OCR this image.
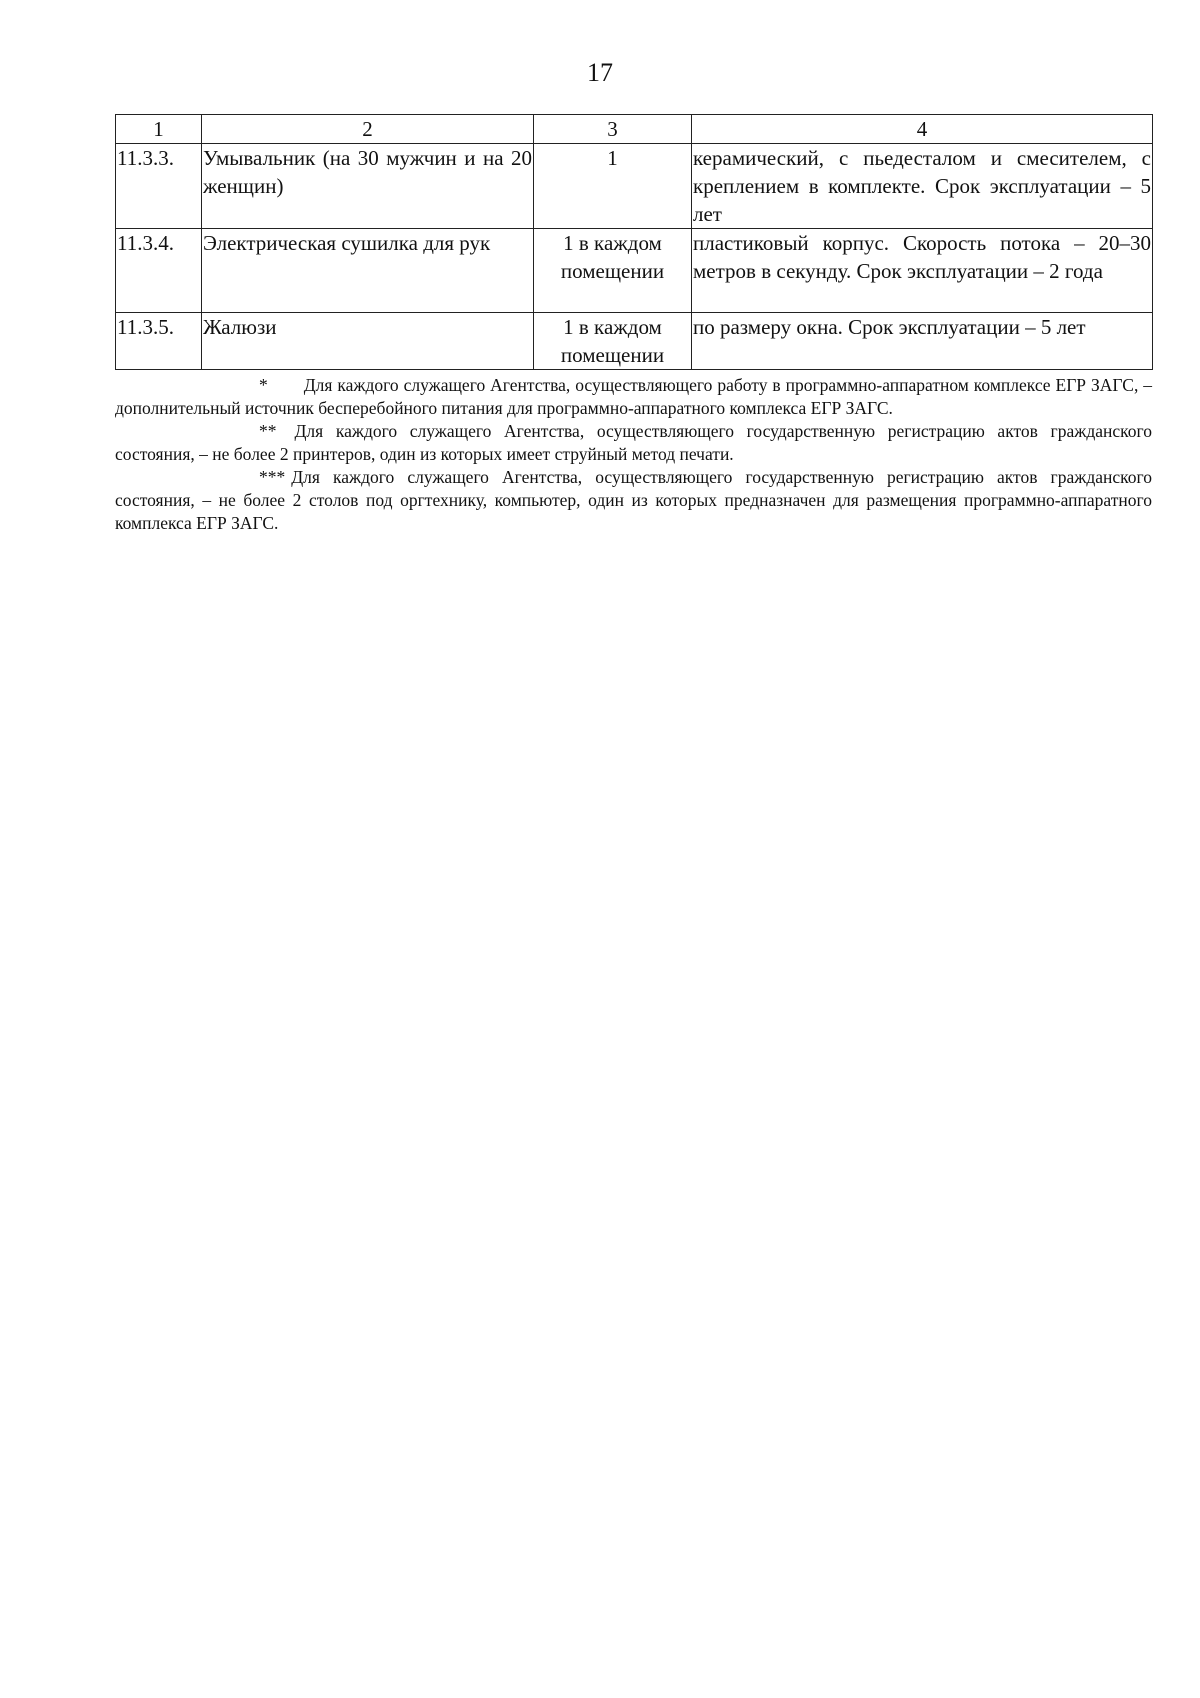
17
1	2	3	4
11.3.3.	Умывальник (на 30 мужчин и на 20 женщин)	1	керамический, с пьедесталом и смесителем, с креплением в комплекте. Срок эксплуатации – 5 лет
11.3.4.	Электрическая сушилка для рук	1 в каждом помещении	пластиковый корпус. Скорость потока – 20–30 метров в секунду. Срок эксплуатации – 2 года
11.3.5.	Жалюзи	1 в каждом помещении	по размеру окна. Срок эксплуатации – 5 лет

* Для каждого служащего Агентства, осуществляющего работу в программно-аппаратном комплексе ЕГР ЗАГС, – дополнительный источник бесперебойного питания для программно-аппаратного комплекса ЕГР ЗАГС.

** Для каждого служащего Агентства, осуществляющего государственную регистрацию актов гражданского состояния, – не более 2 принтеров, один из которых имеет струйный метод печати.

*** Для каждого служащего Агентства, осуществляющего государственную регистрацию актов гражданского состояния, – не более 2 столов под оргтехнику, компьютер, один из которых предназначен для размещения программно-аппаратного комплекса ЕГР ЗАГС.
